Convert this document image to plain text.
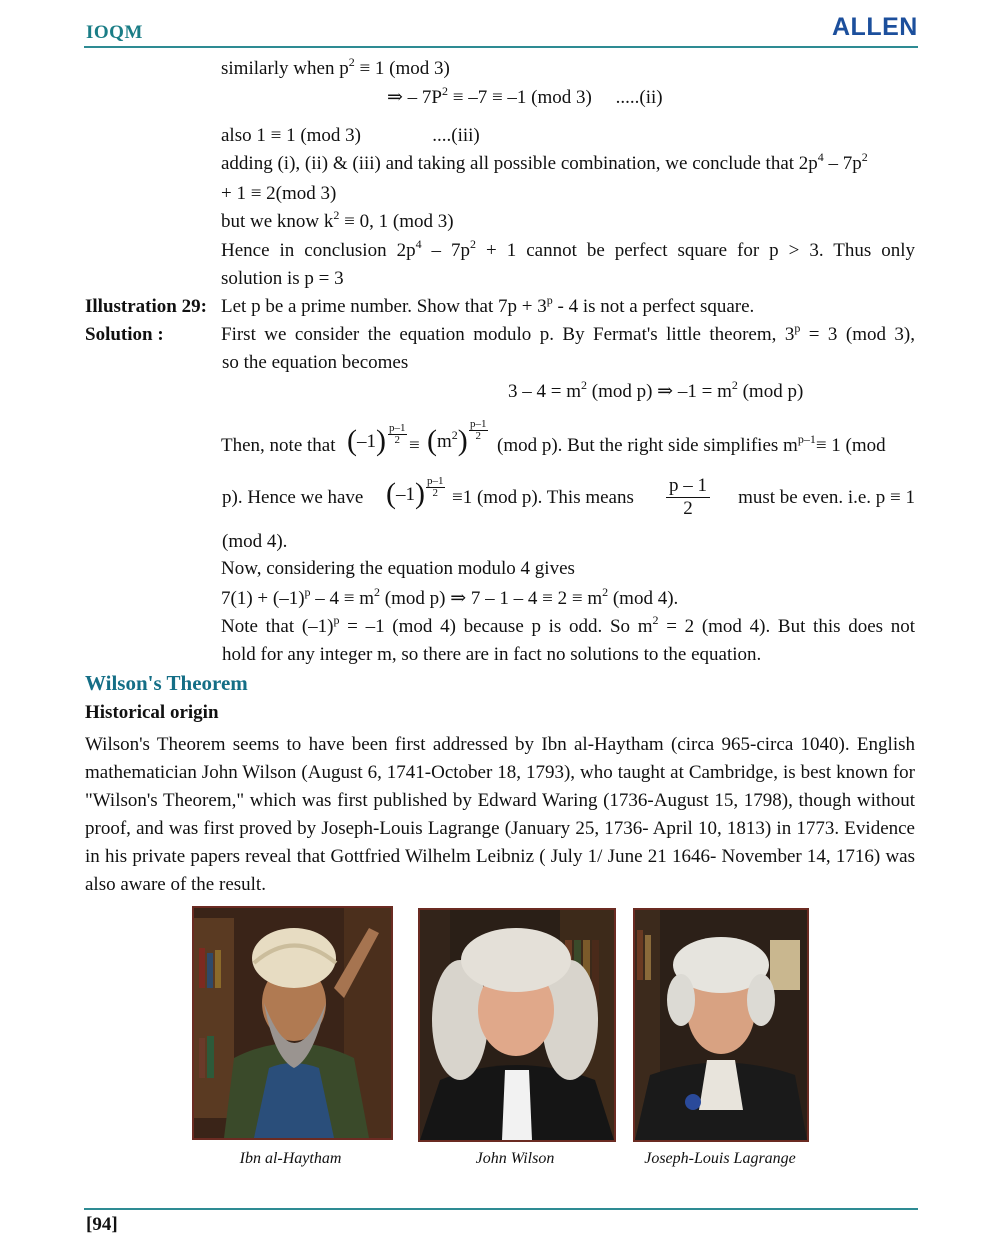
IOQM	ALLEN
similarly when $p^2 \equiv 1$ (mod 3)
⇒ – $7P^2 \equiv -7 \equiv -1$ (mod 3)     .....(ii)
also 1 ≡ 1 (mod 3)               ....(iii)
adding (i), (ii) & (iii) and taking all possible combination, we conclude that $2p^4 - 7p^2$
+ 1 ≡ 2(mod 3)
but we know $k^2 \equiv 0$, 1 (mod 3)
Hence in conclusion $2p^4 - 7p^2 + 1$ cannot be perfect square for p > 3. Thus only
solution is p = 3
Illustration 29: Let p be a prime number. Show that $7p + 3^p - 4$ is not a perfect square.
Solution :	First we consider the equation modulo p. By Fermat's little theorem, $3^p = 3$ (mod 3),
so the equation becomes
$3 - 4 = m^2$ (mod p) ⇒ $-1 = m^2$ (mod p)
Then, note that (–1) p–1
$2 \equiv (m^2)$ p–1
2 (mod p). But the right side simplifies $m^{p-1}\equiv 1$ (mod
p). Hence we have (–1) p–1
2 ≡1 (mod p). This means $\frac{p - 1}{2}$	must be even. i.e. p ≡ 1
(mod 4).
Now, considering the equation modulo 4 gives
$7(1) + (-1)^p - 4 \equiv m^2$ (mod p) ⇒ $7 - 1 - 4 \equiv 2 \equiv m^2$ (mod 4).
Note that $(-1)^p = -1$ (mod 4) because p is odd. So $m^2 = 2$ (mod 4). But this does not
hold for any integer m, so there are in fact no solutions to the equation.
Wilson's Theorem
Historical origin
Wilson's Theorem seems to have been first addressed by Ibn al-Haytham (circa 965-circa 1040). English mathematician John Wilson (August 6, 1741-October 18, 1793), who taught at Cambridge, is best known for "Wilson's Theorem," which was first published by Edward Waring (1736-August 15, 1798), though without proof, and was first proved by Joseph-Louis Lagrange (January 25, 1736- April 10, 1813) in 1773. Evidence in his private papers reveal that Gottfried Wilhelm Leibniz ( July 1/ June 21 1646- November 14, 1716) was also aware of the result.
Ibn al-Haytham	John Wilson	Joseph-Louis Lagrange
[94]
